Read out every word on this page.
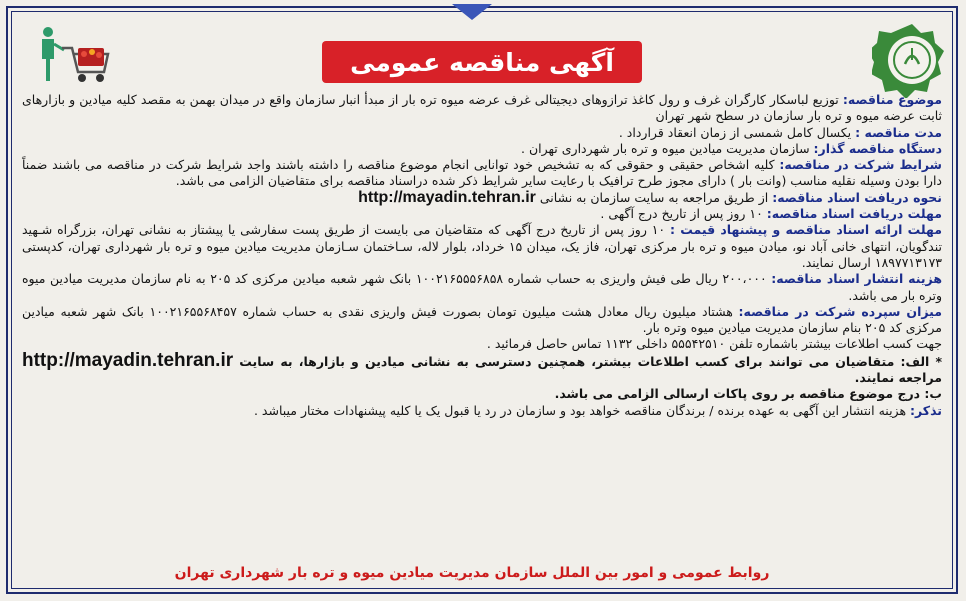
آگهی مناقصه عمومی

موضوع مناقصه: توزیع لباسکار کارگران غرف و رول کاغذ ترازوهای دیجیتالی غرف عرضه میوه تره بار از مبدأ انبار سازمان واقع در میدان بهمن به مقصد کلیه میادین و بازارهای ثابت عرضه میوه و تره بار سازمان در سطح شهر تهران

مدت مناقصه : یکسال کامل شمسی از زمان انعقاد قرارداد .

دستگاه مناقصه گذار: سازمان مدیریت میادین میوه و تره بار شهرداری تهران .

شرایط شرکت در مناقصه: کلیه اشخاص حقیقی و حقوقی که به تشخیص خود توانایی انجام موضوع مناقصه را داشته باشند واجد شرایط شرکت در مناقصه می باشند ضمناً دارا بودن وسیله نقلیه مناسب (وانت بار ) دارای مجوز طرح ترافیک با رعایت سایر شرایط ذکر شده دراسناد مناقصه برای متقاضیان الزامی می باشد.

نحوه دریافت اسناد مناقصه: از طریق مراجعه به سایت سازمان به نشانی http://mayadin.tehran.ir

مهلت دریافت اسناد مناقصه: ۱۰ روز پس از تاریخ درج آگهی .

مهلت ارائه اسناد مناقصه و پیشنهاد قیمت : ۱۰ روز پس از تاریخ درج آگهی که متقاضیان می بایست از طریق پست سفارشی یا پیشتاز به نشانی تهران، بزرگراه شـهید تندگویان، انتهای خانی آباد نو، میادن میوه و تره بار مرکزی تهران، فاز یک، میدان ۱۵ خرداد، بلوار لاله، سـاختمان سـازمان مدیریت میادین میوه و تره بار شهرداری تهران، کدپستی ۱۸۹۷۷۱۳۱۷۳ ارسال نمایند.

هزینه انتشار اسناد مناقصه: ۲۰۰،۰۰۰ ریال طی فیش واریزی به حساب شماره ۱۰۰۲۱۶۵۵۵۶۸۵۸ بانک شهر شعبه میادین مرکزی کد ۲۰۵ به نام سازمان مدیریت میادین میوه وتره بار می باشد.

میزان سپرده شرکت در مناقصه: هشتاد میلیون ریال معادل هشت میلیون تومان بصورت فیش واریزی نقدی به حساب شماره ۱۰۰۲۱۶۵۵۶۸۴۵۷ بانک شهر شعبه میادین مرکزی کد ۲۰۵ بنام سازمان مدیریت میادین میوه وتره بار.

جهت کسب اطلاعات بیشتر باشماره تلفن ۵۵۵۴۲۵۱۰ داخلی ۱۱۳۲ تماس حاصل فرمائید .

* الف: متقاضیان می توانند برای کسب اطلاعات بیشتر، همچنین دسترسی به نشانی میادین و بازارها، به سایت http://mayadin.tehran.ir مراجعه نمایند.

ب: درج موضوع مناقصه بر روی پاکات ارسالی الزامی می باشد.

تذکر: هزینه انتشار این آگهی به عهده برنده / برندگان مناقصه خواهد بود و سازمان در رد یا قبول یک یا کلیه پیشنهادات مختار میباشد .

روابط عمومی و امور بین الملل سازمان مدیریت میادین میوه و تره بار شهرداری تهران
